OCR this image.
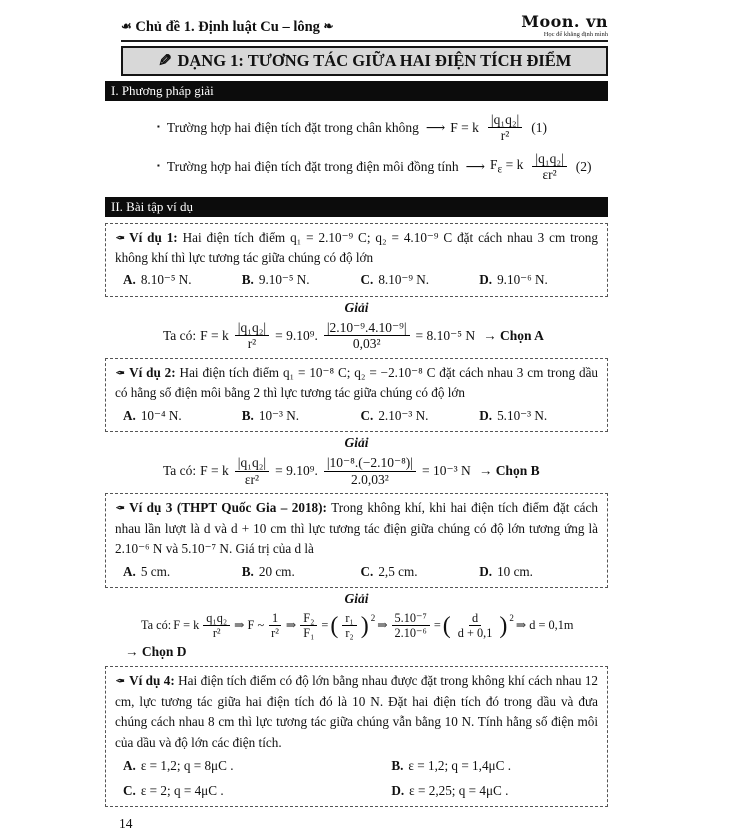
☙ Chủ đề 1. Định luật Cu – lông ❧	Moon. vn
Học để khẳng định mình
✎ DẠNG 1: TƯƠNG TÁC GIỮA HAI ĐIỆN TÍCH ĐIỂM
I. Phương pháp giải
▪ Trường hợp hai điện tích đặt trong chân không ⟶ F = k $\frac{\text{|q₁q₂|}}{\text{r²}} (1)$
▪ Trường hợp hai điện tích đặt trong điện môi đồng tính ⟶ $F_\varepsilon = k \frac{\text{|q₁q₂|}}{\text{εr²}} (2)$
II. Bài tập ví dụ
✒ Ví dụ 1: Hai điện tích điểm q₁ = 2.10⁻⁹ C; q₂ = 4.10⁻⁹ C đặt cách nhau 3 cm trong không khí thì lực tương tác giữa chúng có độ lớn
A. 8.10⁻⁵ N.	B. 9.10⁻⁵ N.	C. 8.10⁻⁹ N.	D. 9.10⁻⁶ N.
Giải
Ta có: F = k $\frac{\text{|q₁q₂|}}{\text{r²}} = 9.10^9$. $\frac{\text{|2.10⁻⁹.4.10⁻⁹|}}{\text{0,03²}} = 8.10^{-5}$ N → Chọn A
✒ Ví dụ 2: Hai điện tích điểm q₁ = 10⁻⁸ C; q₂ = −2.10⁻⁸ C đặt cách nhau 3 cm trong dầu có hằng số điện môi bằng 2 thì lực tương tác giữa chúng có độ lớn
A. 10⁻⁴ N.	B. 10⁻³ N.	C. 2.10⁻³ N.	D. 5.10⁻³ N.
Giải
Ta có: F = k $\frac{\text{|q₁q₂|}}{\text{εr²}} = 9.10^9$. $\frac{\text{|10⁻⁸.(−2.10⁻⁸)|}}{\text{2.0,03²}} = 10^{-3}$ N → Chọn B
✒ Ví dụ 3 (THPT Quốc Gia – 2018): Trong không khí, khi hai điện tích điểm đặt cách nhau lần lượt là d và d + 10 cm thì lực tương tác điện giữa chúng có độ lớn tương ứng là 2.10⁻⁶ N và 5.10⁻⁷ N. Giá trị của d là
A. 5 cm.	B. 20 cm.	C. 2,5 cm.	D. 10 cm.
Giải
Ta có: F = k $\frac{\text{q₁q₂}}{\text{r²}}$ ⇒ F ~ $\frac{1}{\text{r²}}$ ⇒ $\frac{\text{F₂}}{\text{F₁}}$ = ( $\frac{\text{r₁}}{\text{r₂}}$ ) 2
⇒ $\frac{\text{5.10⁻⁷}}{\text{2.10⁻⁶}}$ = ( $\frac{d}{d + 0,1}$ ) 2
⇒ d = 0,1m
→ Chọn D
✒ Ví dụ 4: Hai điện tích điểm có độ lớn bằng nhau được đặt trong không khí cách nhau 12 cm, lực tương tác giữa hai điện tích đó là 10 N. Đặt hai điện tích đó trong dầu và đưa chúng cách nhau 8 cm thì lực tương tác giữa chúng vẫn bằng 10 N. Tính hằng số điện môi của dầu và độ lớn các điện tích.
A. ε = 1,2; q = 8μC .	B. ε = 1,2; q = 1,4μC .
C. ε = 2; q = 4μC .	D. ε = 2,25; q = 4μC .
14
